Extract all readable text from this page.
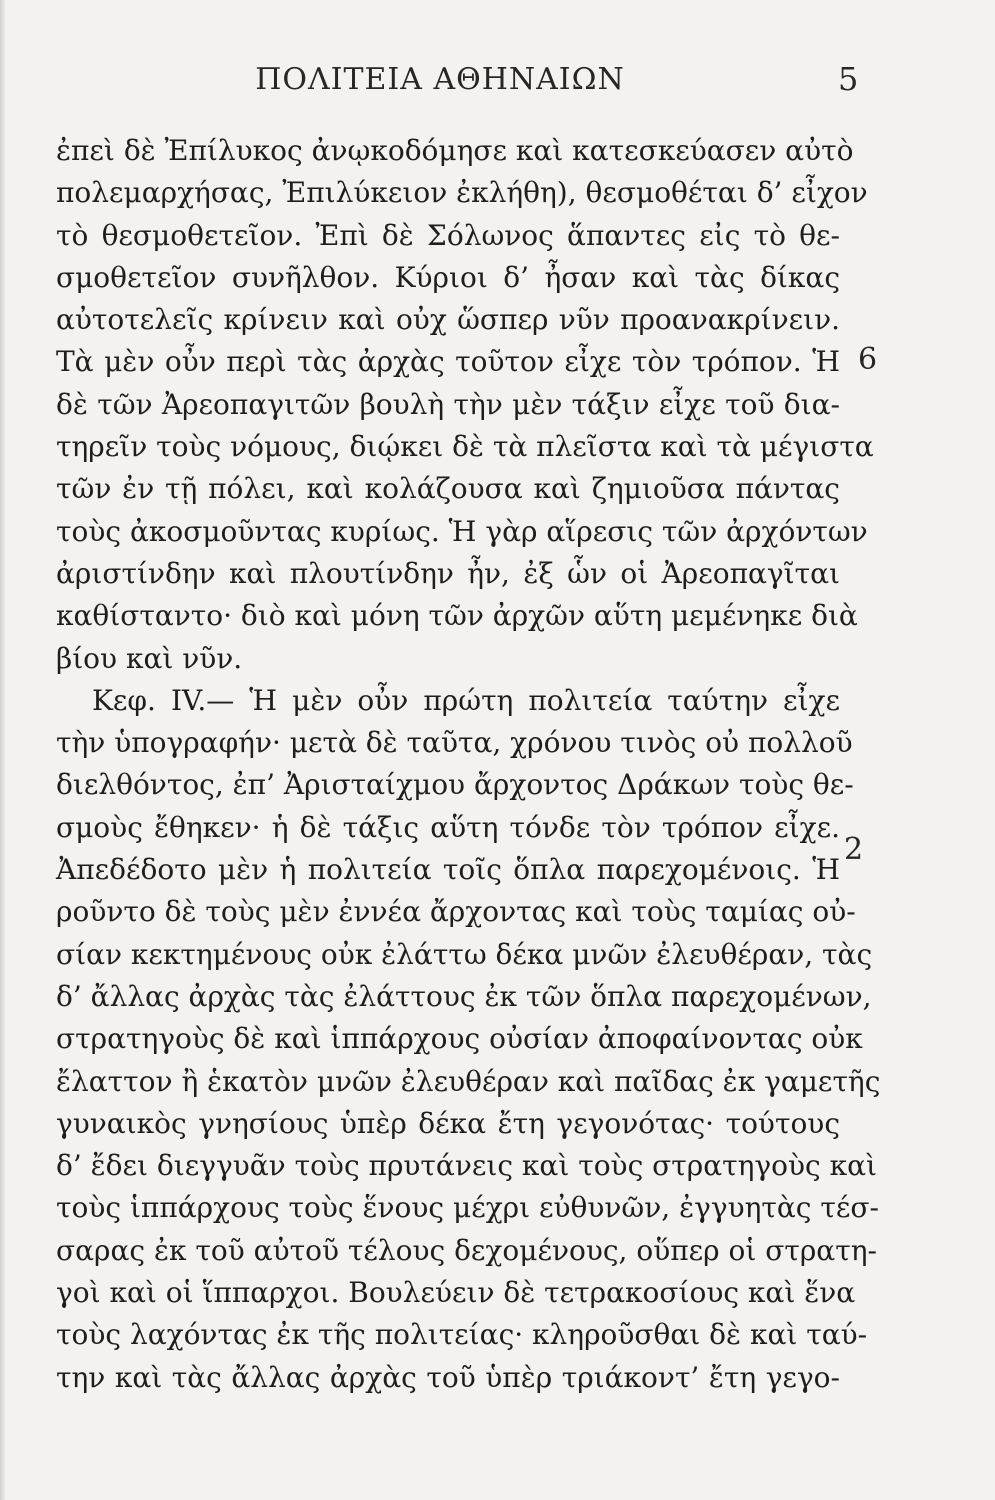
ΠΟΛΙΤΕΙΑ ΑΘΗΝΑΙΩΝ	5
6
2
ἐπεὶ δὲ Ἐπίλυκος ἀνῳκοδόμησε καὶ κατεσκεύασεν αὐτὸ
πολεμαρχήσας, Ἐπιλύκειον ἐκλήθη), θεσμοθέται δ’ εἶχον
τὸ θεσμοθετεῖον. Ἐπὶ δὲ Σόλωνος ἅπαντες εἰς τὸ θε-
σμοθετεῖον συνῆλθον. Κύριοι δ’ ἦσαν καὶ τὰς δίκας
αὐτοτελεῖς κρίνειν καὶ οὐχ ὥσπερ νῦν προανακρίνειν.
Τὰ μὲν οὖν περὶ τὰς ἀρχὰς τοῦτον εἶχε τὸν τρόπον. Ἡ
δὲ τῶν Ἀρεοπαγιτῶν βουλὴ τὴν μὲν τάξιν εἶχε τοῦ δια-
τηρεῖν τοὺς νόμους, διῴκει δὲ τὰ πλεῖστα καὶ τὰ μέγιστα
τῶν ἐν τῇ πόλει, καὶ κολάζουσα καὶ ζημιοῦσα πάντας
τοὺς ἀκοσμοῦντας κυρίως. Ἡ γὰρ αἵρεσις τῶν ἀρχόντων
ἀριστίνδην καὶ πλουτίνδην ἦν, ἐξ ὧν οἱ Ἀρεοπαγῖται
καθίσταντο· διὸ καὶ μόνη τῶν ἀρχῶν αὕτη μεμένηκε διὰ
βίου καὶ νῦν.
Κεφ. IV.— Ἡ μὲν οὖν πρώτη πολιτεία ταύτην εἶχε
τὴν ὑπογραφήν· μετὰ δὲ ταῦτα, χρόνου τινὸς οὐ πολλοῦ
διελθόντος, ἐπ’ Ἀρισταίχμου ἄρχοντος Δράκων τοὺς θε-
σμοὺς ἔθηκεν· ἡ δὲ τάξις αὕτη τόνδε τὸν τρόπον εἶχε.
Ἀπεδέδοτο μὲν ἡ πολιτεία τοῖς ὅπλα παρεχομένοις. Ἡ
ροῦντο δὲ τοὺς μὲν ἐννέα ἄρχοντας καὶ τοὺς ταμίας οὐ-
σίαν κεκτημένους οὐκ ἐλάττω δέκα μνῶν ἐλευθέραν, τὰς
δ’ ἄλλας ἀρχὰς τὰς ἐλάττους ἐκ τῶν ὅπλα παρεχομένων,
στρατηγοὺς δὲ καὶ ἱππάρχους οὐσίαν ἀποφαίνοντας οὐκ
ἔλαττον ἢ ἑκατὸν μνῶν ἐλευθέραν καὶ παῖδας ἐκ γαμετῆς
γυναικὸς γνησίους ὑπὲρ δέκα ἔτη γεγονότας· τούτους
δ’ ἔδει διεγγυᾶν τοὺς πρυτάνεις καὶ τοὺς στρατηγοὺς καὶ
τοὺς ἱππάρχους τοὺς ἕνους μέχρι εὐθυνῶν, ἐγγυητὰς τέσ-
σαρας ἐκ τοῦ αὐτοῦ τέλους δεχομένους, οὕπερ οἱ στρατη-
γοὶ καὶ οἱ ἵππαρχοι. Βουλεύειν δὲ τετρακοσίους καὶ ἕνα
τοὺς λαχόντας ἐκ τῆς πολιτείας· κληροῦσθαι δὲ καὶ ταύ-
την καὶ τὰς ἄλλας ἀρχὰς τοῦ ὑπὲρ τριάκοντ’ ἔτη γεγο-
